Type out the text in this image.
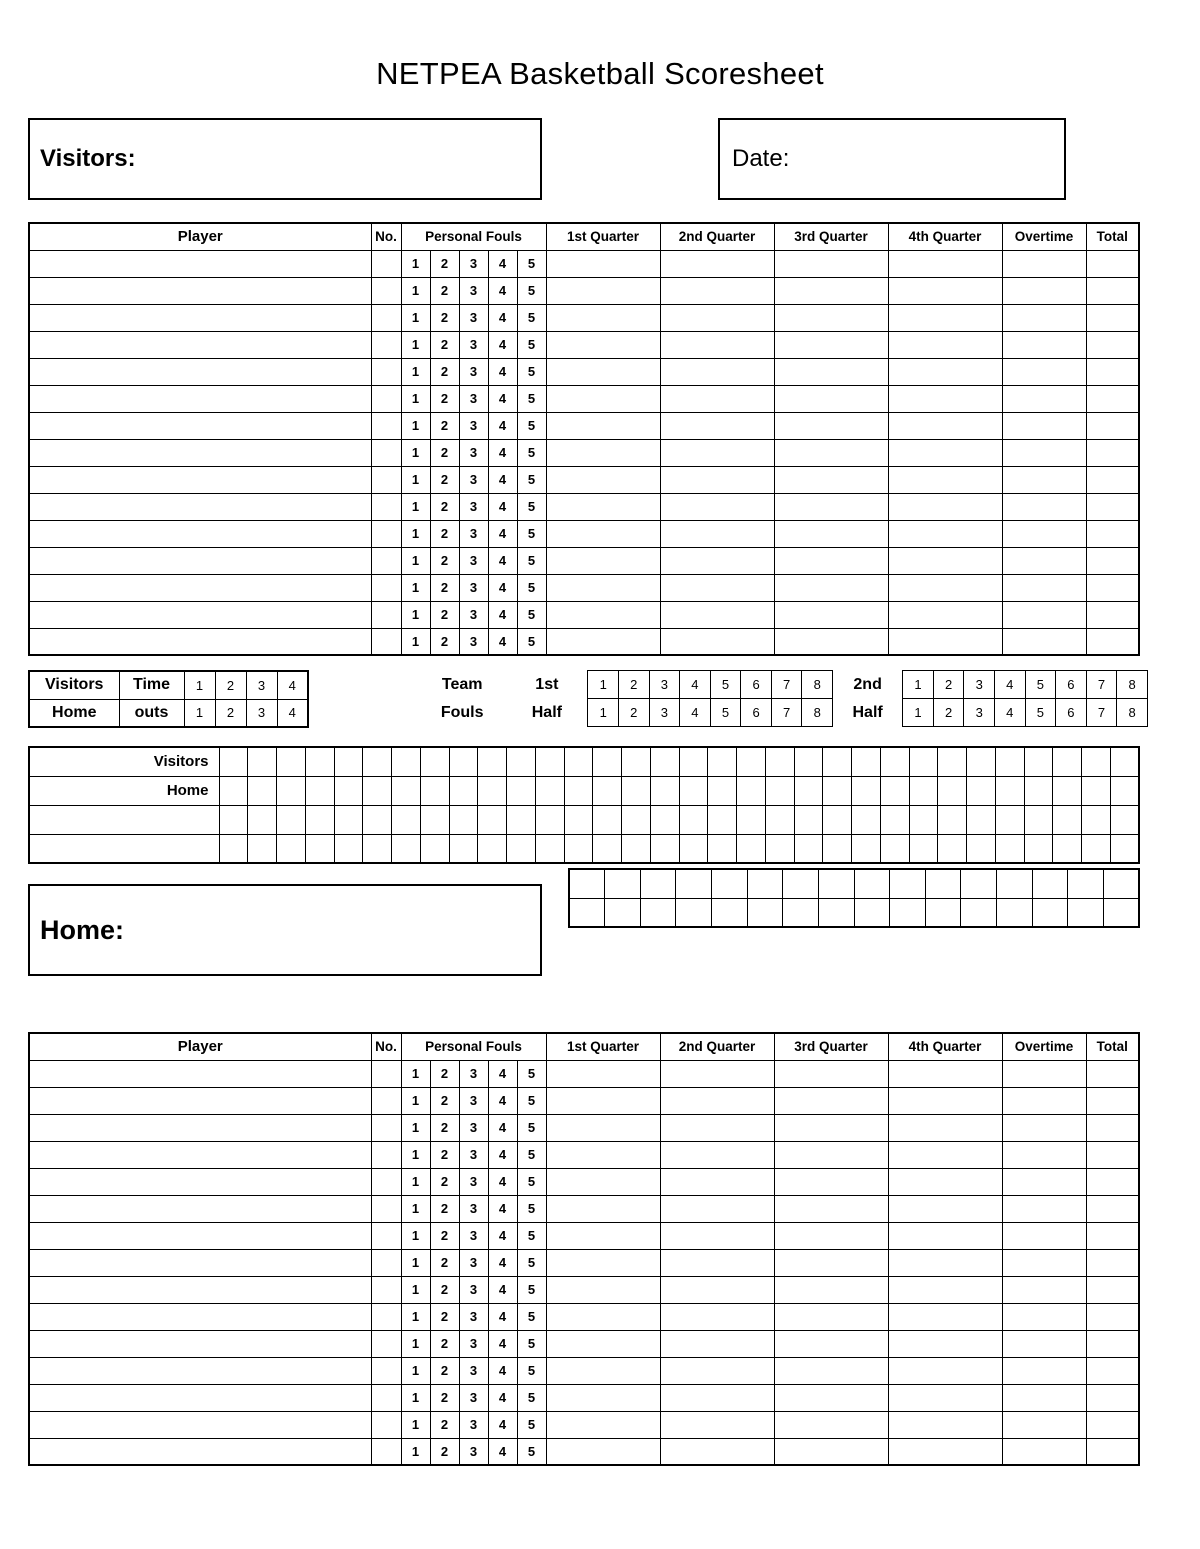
NETPEA Basketball Scoresheet
Visitors:	Date:
Player	No.	Personal Fouls					1st Quarter	2nd Quarter	3rd Quarter	4th Quarter	Overtime	Total
		1	2	3	4	5						
		1	2	3	4	5						
		1	2	3	4	5						
		1	2	3	4	5						
		1	2	3	4	5						
		1	2	3	4	5						
		1	2	3	4	5						
		1	2	3	4	5						
		1	2	3	4	5						
		1	2	3	4	5						
		1	2	3	4	5						
		1	2	3	4	5						
		1	2	3	4	5						
		1	2	3	4	5						
		1	2	3	4	5						
Visitors	Time	1	2	3	4
Home	outs	1	2	3	4
Team	1st	1	2	3	4	5	6	7	8	2nd	1	2	3	4	5	6	7	8
Fouls	Half	1	2	3	4	5	6	7	8	Half	1	2	3	4	5	6	7	8
Visitors																																
Home																																

Home:
Player	No.	Personal Fouls					1st Quarter	2nd Quarter	3rd Quarter	4th Quarter	Overtime	Total
		1	2	3	4	5						
		1	2	3	4	5						
		1	2	3	4	5						
		1	2	3	4	5						
		1	2	3	4	5						
		1	2	3	4	5						
		1	2	3	4	5						
		1	2	3	4	5						
		1	2	3	4	5						
		1	2	3	4	5						
		1	2	3	4	5						
		1	2	3	4	5						
		1	2	3	4	5						
		1	2	3	4	5						
		1	2	3	4	5						
